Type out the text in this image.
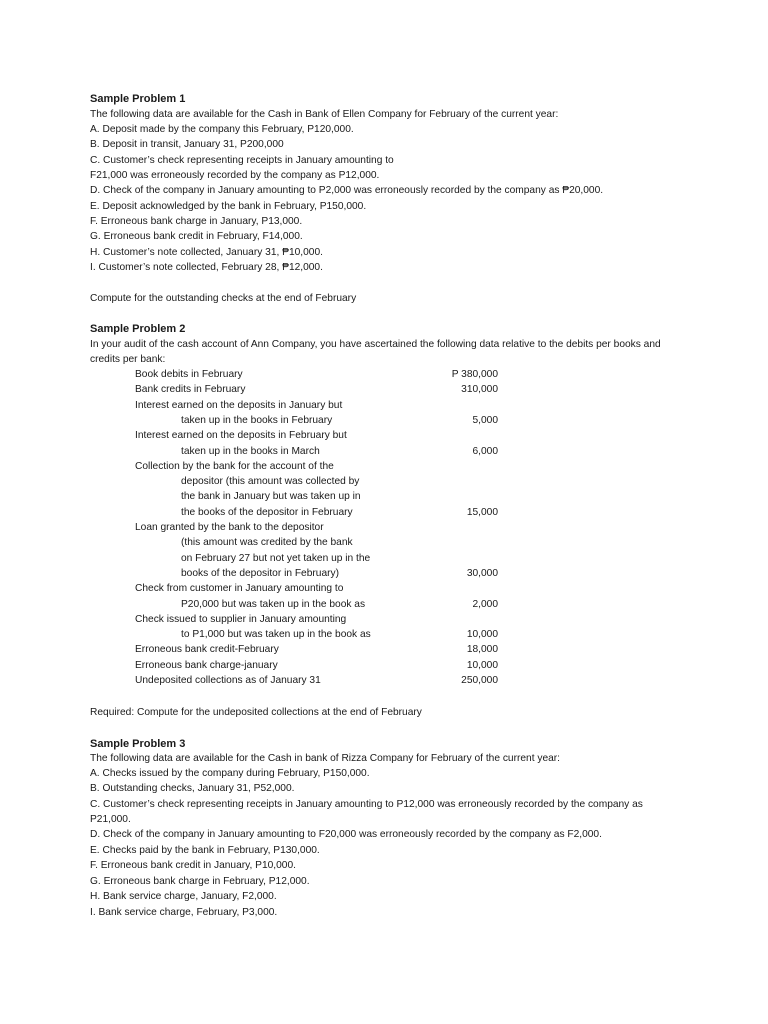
Sample Problem 1
The following data are available for the Cash in Bank of Ellen Company for February of the current year:
A. Deposit made by the company this February, P120,000.
B. Deposit in transit, January 31, P200,000
C. Customer’s check representing receipts in January amounting to
F21,000 was erroneously recorded by the company as P12,000.
D. Check of the company in January amounting to P2,000 was erroneously recorded by the company as ₱20,000.
E. Deposit acknowledged by the bank in February, P150,000.
F. Erroneous bank charge in January, P13,000.
G. Erroneous bank credit in February, F14,000.
H. Customer’s note collected, January 31, ₱10,000.
I. Customer’s note collected, February 28, ₱12,000.
Compute for the outstanding checks at the end of February
Sample Problem 2
In your audit of the cash account of Ann Company, you have ascertained the following data relative to the debits per books and
credits per bank:
Book debits in February	P 380,000
Bank credits in February	310,000
Interest earned on the deposits in January but
taken up in the books in February	5,000
Interest earned on the deposits in February but
taken up in the books in March	6,000
Collection by the bank for the account of the
depositor (this amount was collected by
the bank in January but was taken up in
the books of the depositor in February	15,000
Loan granted by the bank to the depositor
(this amount was credited by the bank
on February 27 but not yet taken up in the
books of the depositor in February)	30,000
Check from customer in January amounting to
P20,000 but was taken up in the book as	2,000
Check issued to supplier in January amounting
to P1,000 but was taken up in the book as	10,000
Erroneous bank credit-February	18,000
Erroneous bank charge-january	10,000
Undeposited collections as of January 31	250,000
Required: Compute for the undeposited collections at the end of February
Sample Problem 3
The following data are available for the Cash in bank of Rizza Company for February of the current year:
A. Checks issued by the company during February, P150,000.
B. Outstanding checks, January 31, P52,000.
C. Customer’s check representing receipts in January amounting to P12,000 was erroneously recorded by the company as
P21,000.
D. Check of the company in January amounting to F20,000 was erroneously recorded by the company as F2,000.
E. Checks paid by the bank in February, P130,000.
F. Erroneous bank credit in January, P10,000.
G. Erroneous bank charge in February, P12,000.
H. Bank service charge, January, F2,000.
I. Bank service charge, February, P3,000.
